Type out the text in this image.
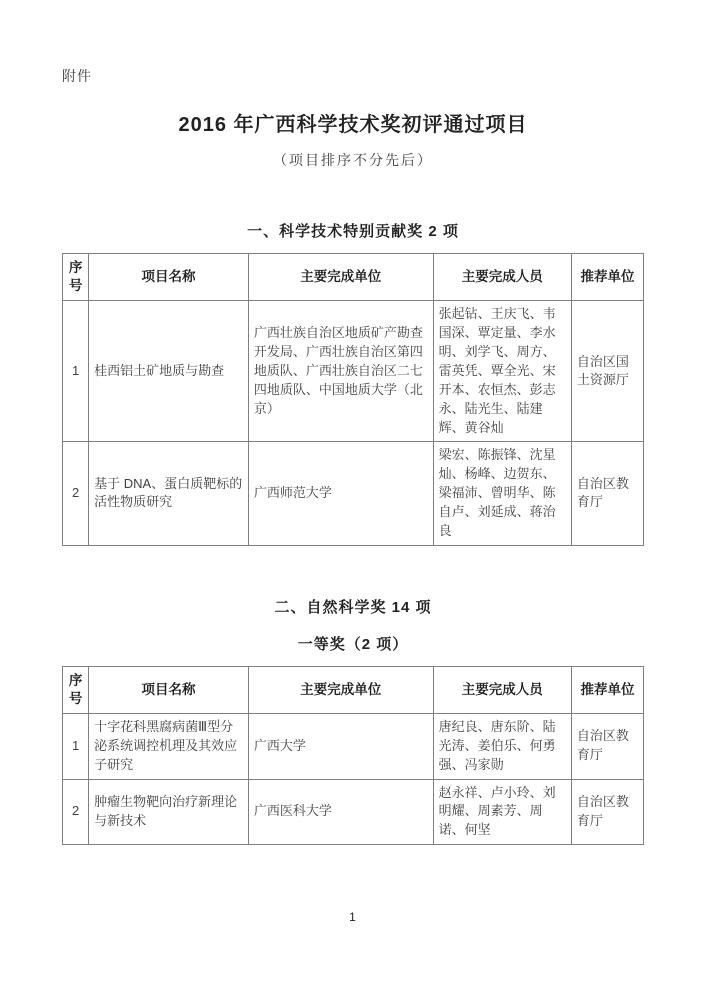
附件
2016 年广西科学技术奖初评通过项目
（项目排序不分先后）
一、科学技术特别贡献奖 2 项
序号	项目名称	主要完成单位	主要完成人员	推荐单位
1	桂西铝土矿地质与勘查	广西壮族自治区地质矿产勘查开发局、广西壮族自治区第四地质队、广西壮族自治区二七四地质队、中国地质大学（北京）	张起钻、王庆飞、韦国深、覃定量、李水明、刘学飞、周方、雷英凭、覃全光、宋开本、农恒杰、彭志永、陆光生、陆建辉、黄谷灿	自治区国土资源厅
2	基于 DNA、蛋白质靶标的活性物质研究	广西师范大学	梁宏、陈振锋、沈星灿、杨峰、边贺东、梁福沛、曾明华、陈自卢、刘延成、蒋治良	自治区教育厅
二、自然科学奖 14 项
一等奖（2 项）
序号	项目名称	主要完成单位	主要完成人员	推荐单位
1	十字花科黑腐病菌Ⅲ型分泌系统调控机理及其效应子研究	广西大学	唐纪良、唐东阶、陆光涛、姜伯乐、何勇强、冯家勋	自治区教育厅
2	肿瘤生物靶向治疗新理论与新技术	广西医科大学	赵永祥、卢小玲、刘明耀、周素芳、周诺、何坚	自治区教育厅
1
